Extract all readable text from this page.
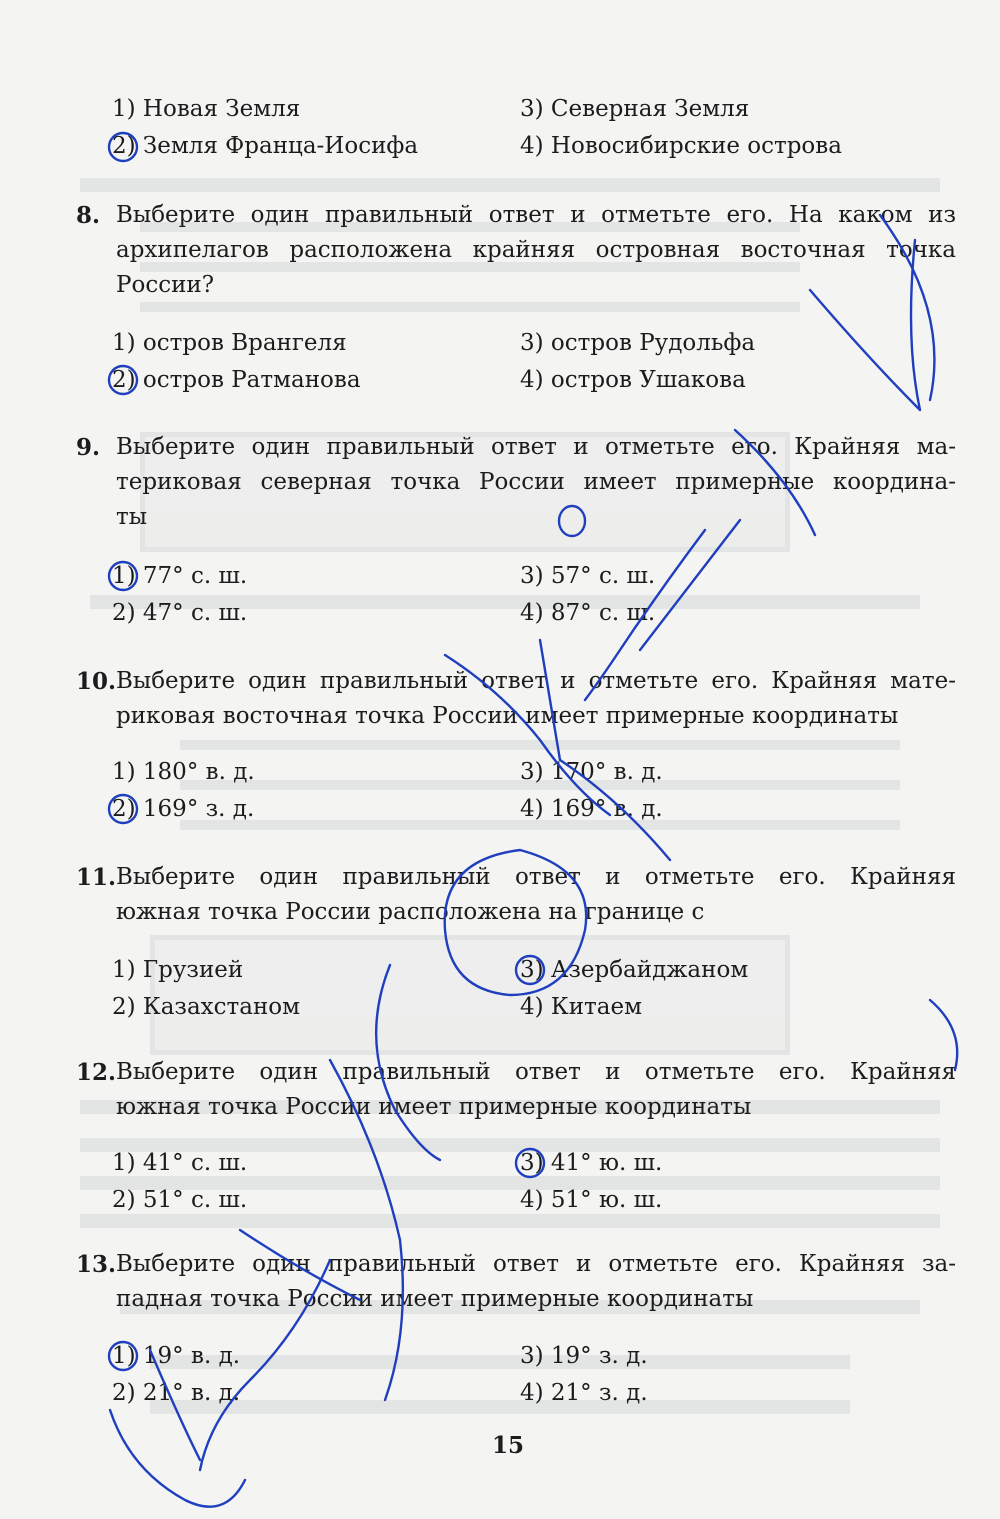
1) Новая Земля	3) Северная Земля
2) Земля Франца-Иосифа	4) Новосибирские острова
8. Выберите один правильный ответ и отметьте его. На каком из
архипелагов расположена крайняя островная восточная точка
России?
1) остров Врангеля	3) остров Рудольфа
2) остров Ратманова	4) остров Ушакова
9. Выберите один правильный ответ и отметьте его. Крайняя ма-
териковая северная точка России имеет примерные координа-
ты
1) 77° с. ш.	3) 57° с. ш.
2) 47° с. ш.	4) 87° с. ш.
10. Выберите один правильный ответ и отметьте его. Крайняя мате-
риковая восточная точка России имеет примерные координаты
1) 180° в. д.	3) 170° в. д.
2) 169° з. д.	4) 169° в. д.
11. Выберите один правильный ответ и отметьте его. Крайняя
южная точка России расположена на границе с
1) Грузией	3) Азербайджаном
2) Казахстаном	4) Китаем
12. Выберите один правильный ответ и отметьте его. Крайняя
южная точка России имеет примерные координаты
1) 41° с. ш.	3) 41° ю. ш.
2) 51° с. ш.	4) 51° ю. ш.
13. Выберите один правильный ответ и отметьте его. Крайняя за-
падная точка России имеет примерные координаты
1) 19° в. д.	3) 19° з. д.
2) 21° в. д.	4) 21° з. д.
15
